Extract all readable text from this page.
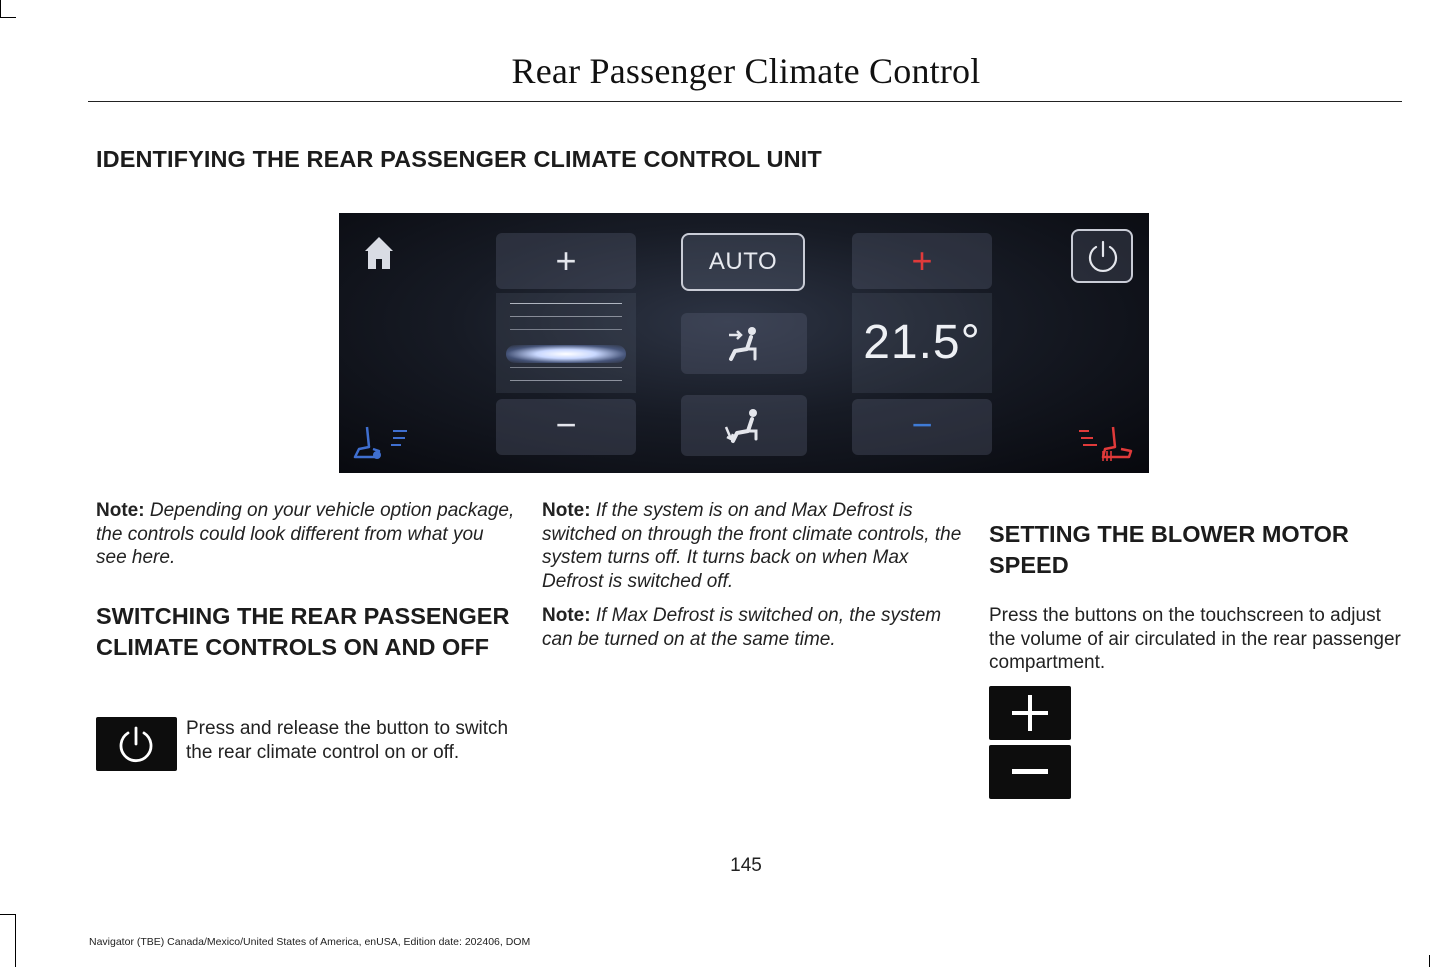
Rear Passenger Climate Control
IDENTIFYING THE REAR PASSENGER CLIMATE CONTROL UNIT
+
−
AUTO	+
21.5°
−
Note: Depending on your vehicle option package, the controls could look different from what you see here.
SWITCHING THE REAR PASSENGER CLIMATE CONTROLS ON AND OFF
Press and release the button to switch the rear climate control on or off.
Note: If the system is on and Max Defrost is switched on through the front climate controls, the system turns off. It turns back on when Max Defrost is switched off.
Note: If Max Defrost is switched on, the system can be turned on at the same time.
SETTING THE BLOWER MOTOR SPEED
Press the buttons on the touchscreen to adjust the volume of air circulated in the rear passenger compartment.
145
Navigator (TBE) Canada/Mexico/United States of America, enUSA, Edition date: 202406, DOM
